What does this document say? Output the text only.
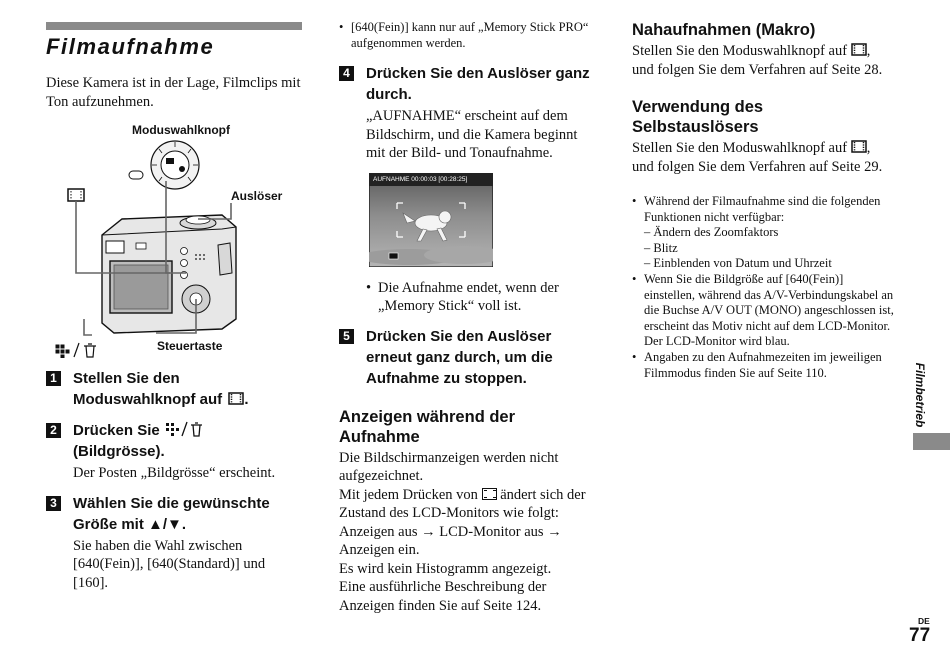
Filmaufnahme

Diese Kamera ist in der Lage, Filmclips mit Ton aufzunehmen.

Moduswahlknopf
Auslöser
Steuertaste
1 Stellen Sie den Moduswahlknopf auf .
2 Drücken Sie
(Bildgrösse).

Der Posten „Bildgrösse“ erscheint.

3 Wählen Sie die gewünschte Größe mit ▲/▼.

Sie haben die Wahl zwischen [640(Fein)], [640(Standard)] und [160].

• [640(Fein)] kann nur auf „Memory Stick PRO“ aufgenommen werden.
4 Drücken Sie den Auslöser ganz durch.

„AUFNAHME“ erscheint auf dem Bildschirm, und die Kamera beginnt mit der Bild- und Tonaufnahme.

AUFNAHME 00:00:03 [00:28:25]
• Die Aufnahme endet, wenn der „Memory Stick“ voll ist.
5 Drücken Sie den Auslöser erneut ganz durch, um die Aufnahme zu stoppen.
Anzeigen während der Aufnahme

Die Bildschirmanzeigen werden nicht aufgezeichnet.

Mit jedem Drücken von ändert sich der Zustand des LCD-Monitors wie folgt:

Anzeigen aus → LCD-Monitor aus → Anzeigen ein.

Es wird kein Histogramm angezeigt.

Eine ausführliche Beschreibung der Anzeigen finden Sie auf Seite 124.

Nahaufnahmen (Makro)

Stellen Sie den Moduswahlknopf auf , und folgen Sie dem Verfahren auf Seite 28.

Verwendung des Selbstauslösers

Stellen Sie den Moduswahlknopf auf , und folgen Sie dem Verfahren auf Seite 29.

• Während der Filmaufnahme sind die folgenden Funktionen nicht verfügbar:
– Ändern des Zoomfaktors
– Blitz
– Einblenden von Datum und Uhrzeit
• Wenn Sie die Bildgröße auf [640(Fein)] einstellen, während das A/V-Verbindungskabel an die Buchse A/V OUT (MONO) angeschlossen ist, erscheint das Motiv nicht auf dem LCD-Monitor. Der LCD-Monitor wird blau.
• Angaben zu den Aufnahmezeiten im jeweiligen Filmmodus finden Sie auf Seite 110.	Filmbetrieb
DE
77
